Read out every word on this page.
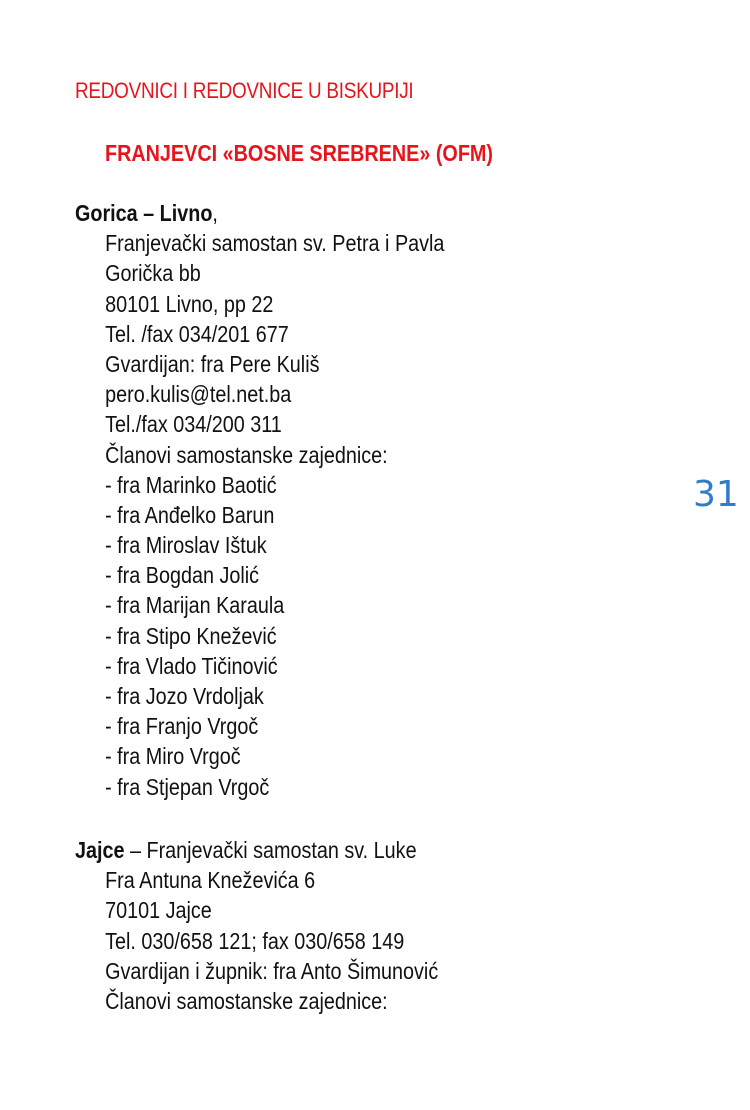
REDOVNICI I REDOVNICE U BISKUPIJI
FRANJEVCI «BOSNE SREBRENE» (OFM)
31
Gorica – Livno,
Franjevački samostan sv. Petra i Pavla
Gorička bb
80101 Livno, pp 22
Tel. /fax 034/201 677
Gvardijan: fra Pere Kuliš
pero.kulis@tel.net.ba
Tel./fax 034/200 311
Članovi samostanske zajednice:
- fra Marinko Baotić
- fra Anđelko Barun
- fra Miroslav Ištuk
- fra Bogdan Jolić
- fra Marijan Karaula
- fra Stipo Knežević
- fra Vlado Tičinović
- fra Jozo Vrdoljak
- fra Franjo Vrgoč
- fra Miro Vrgoč
- fra Stjepan Vrgoč
Jajce – Franjevački samostan sv. Luke
Fra Antuna Kneževića 6
70101 Jajce
Tel. 030/658 121; fax 030/658 149
Gvardijan i župnik: fra Anto Šimunović
Članovi samostanske zajednice:
